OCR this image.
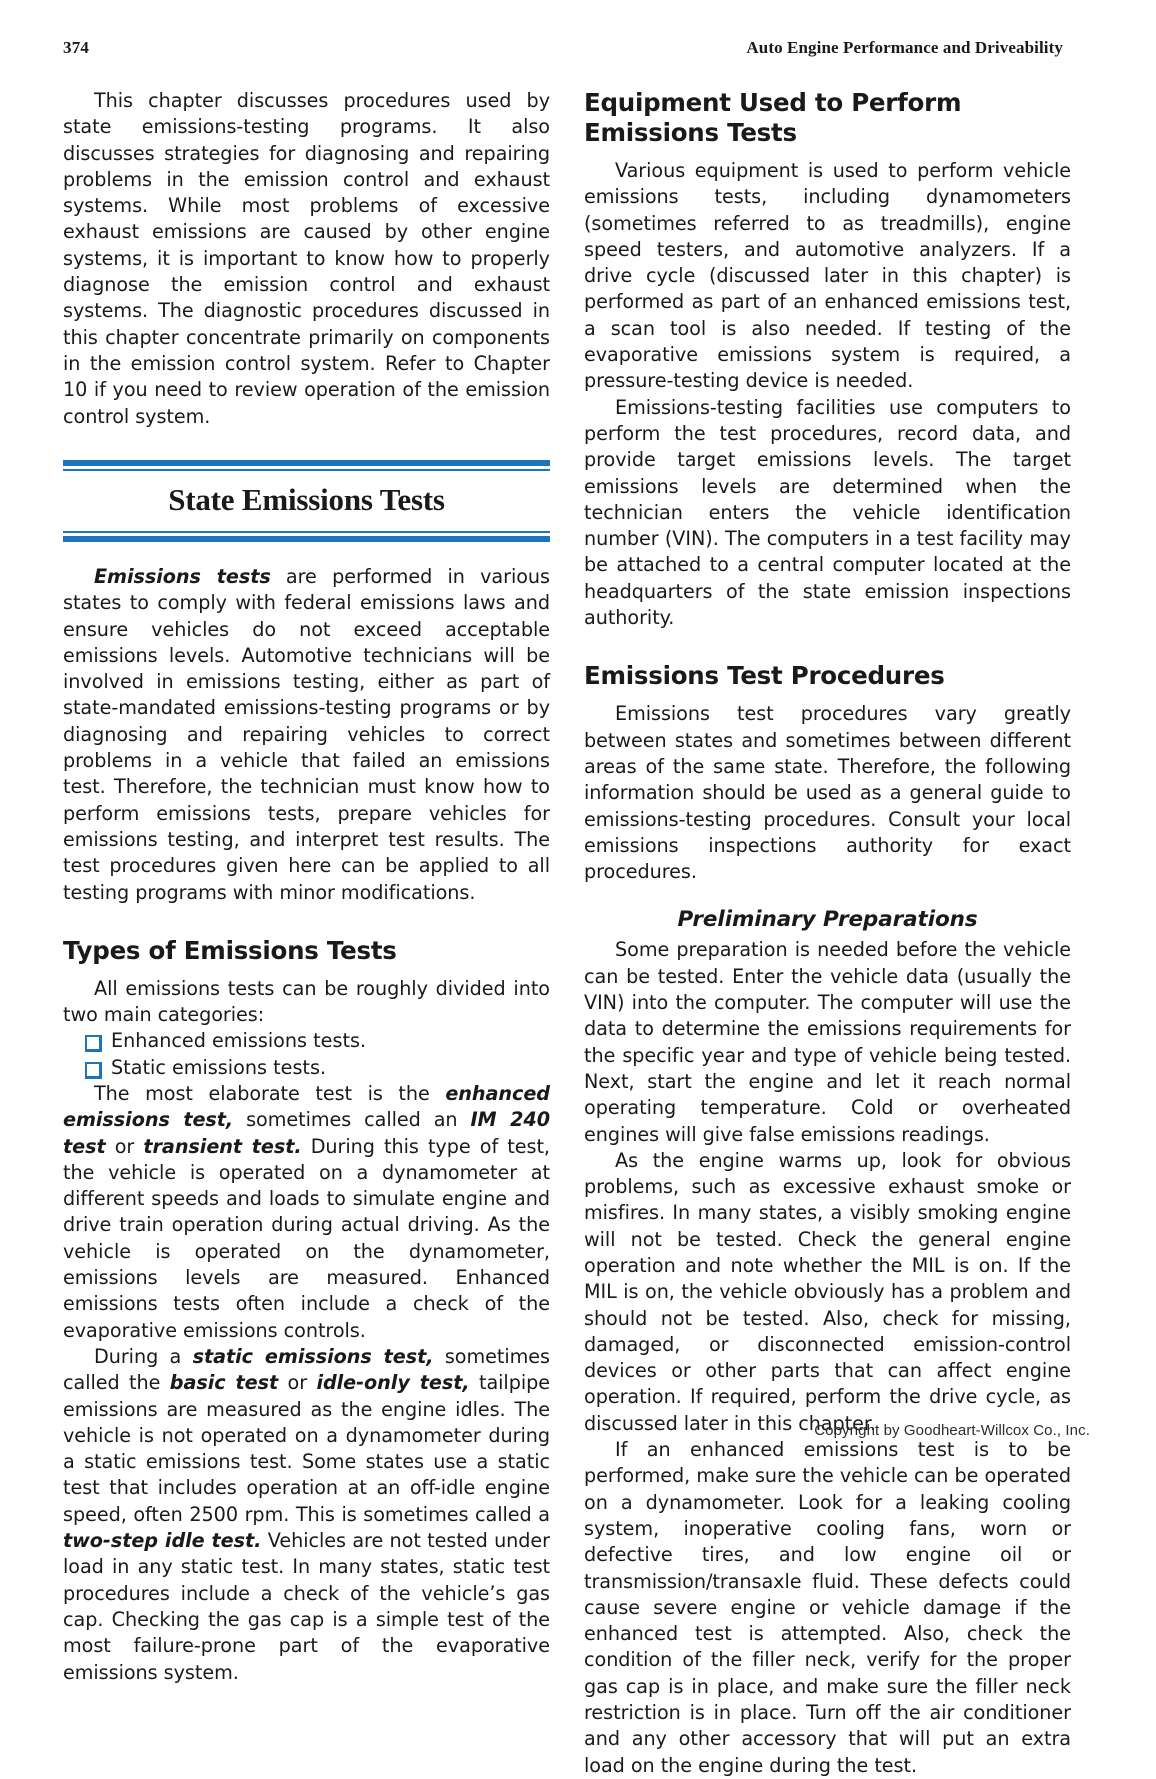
374	Auto Engine Performance and Driveability

This chapter discusses procedures used by state emissions-testing programs. It also discusses strategies for diagnosing and repairing problems in the emission control and exhaust systems. While most problems of excessive exhaust emissions are caused by other engine systems, it is important to know how to properly diagnose the emission control and exhaust systems. The diagnostic procedures discussed in this chapter concentrate primarily on components in the emission control system. Refer to Chapter 10 if you need to review operation of the emission control system.

State Emissions Tests

Emissions tests are performed in various states to comply with federal emissions laws and ensure vehicles do not exceed acceptable emissions levels. Automotive technicians will be involved in emissions testing, either as part of state-mandated emissions-testing programs or by diagnosing and repairing vehicles to correct problems in a vehicle that failed an emissions test. Therefore, the technician must know how to perform emissions tests, prepare vehicles for emissions testing, and interpret test results. The test procedures given here can be applied to all testing programs with minor modifications.

Types of Emissions Tests

All emissions tests can be roughly divided into two main categories:

Enhanced emissions tests.
Static emissions tests.

The most elaborate test is the enhanced emissions test, sometimes called an IM 240 test or transient test. During this type of test, the vehicle is operated on a dynamometer at different speeds and loads to simulate engine and drive train operation during actual driving. As the vehicle is operated on the dynamometer, emissions levels are measured. Enhanced emissions tests often include a check of the evaporative emissions controls.

During a static emissions test, sometimes called the basic test or idle-only test, tailpipe emissions are measured as the engine idles. The vehicle is not operated on a dynamometer during a static emissions test. Some states use a static test that includes operation at an off-idle engine speed, often 2500 rpm. This is sometimes called a two-step idle test. Vehicles are not tested under load in any static test. In many states, static test procedures include a check of the vehicle’s gas cap. Checking the gas cap is a simple test of the most failure-prone part of the evaporative emissions system.

Equipment Used to Perform Emissions Tests

Various equipment is used to perform vehicle emissions tests, including dynamometers (sometimes referred to as treadmills), engine speed testers, and automotive analyzers. If a drive cycle (discussed later in this chapter) is performed as part of an enhanced emissions test, a scan tool is also needed. If testing of the evaporative emissions system is required, a pressure-testing device is needed.

Emissions-testing facilities use computers to perform the test procedures, record data, and provide target emissions levels. The target emissions levels are determined when the technician enters the vehicle identification number (VIN). The computers in a test facility may be attached to a central computer located at the headquarters of the state emission inspections authority.

Emissions Test Procedures

Emissions test procedures vary greatly between states and sometimes between different areas of the same state. Therefore, the following information should be used as a general guide to emissions-testing procedures. Consult your local emissions inspections authority for exact procedures.

Preliminary Preparations

Some preparation is needed before the vehicle can be tested. Enter the vehicle data (usually the VIN) into the computer. The computer will use the data to determine the emissions requirements for the specific year and type of vehicle being tested. Next, start the engine and let it reach normal operating temperature. Cold or overheated engines will give false emissions readings.

As the engine warms up, look for obvious problems, such as excessive exhaust smoke or misfires. In many states, a visibly smoking engine will not be tested. Check the general engine operation and note whether the MIL is on. If the MIL is on, the vehicle obviously has a problem and should not be tested. Also, check for missing, damaged, or disconnected emission-control devices or other parts that can affect engine operation. If required, perform the drive cycle, as discussed later in this chapter.

If an enhanced emissions test is to be performed, make sure the vehicle can be operated on a dynamometer. Look for a leaking cooling system, inoperative cooling fans, worn or defective tires, and low engine oil or transmission/transaxle fluid. These defects could cause severe engine or vehicle damage if the enhanced test is attempted. Also, check the condition of the filler neck, verify for the proper gas cap is in place, and make sure the filler neck restriction is in place. Turn off the air conditioner and any other accessory that will put an extra load on the engine during the test.

Copyright by Goodheart-Willcox Co., Inc.
